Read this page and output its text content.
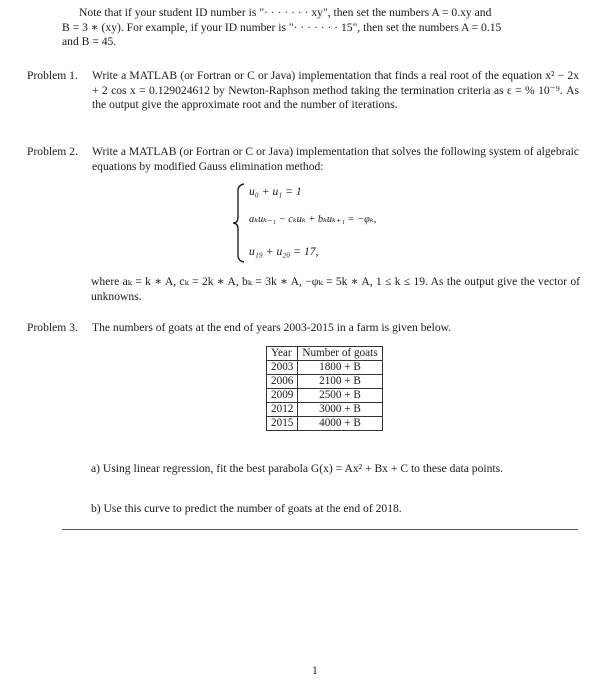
Note that if your student ID number is "· · · · · · · xy", then set the numbers A = 0.xy and
B = 3 ∗ (xy). For example, if your ID number is "· · · · · · · 15", then set the numbers A = 0.15
and B = 45.
Problem 1.	Write a MATLAB (or Fortran or C or Java) implementation that finds a real root of the equation x² − 2x + 2 cos x = 0.129024612 by Newton-Raphson method taking the termination criteria as ε = % 10⁻⁹. As the output give the approximate root and the number of iterations.
Problem 2.	Write a MATLAB (or Fortran or C or Java) implementation that solves the following system of algebraic equations by modified Gauss elimination method:
u₀ + u₁ = 1
aₖuₖ₋₁ − cₖuₖ + bₖuₖ₊₁ = −φₖ,
u₁₉ + u₂₀ = 17,
where aₖ = k ∗ A, cₖ = 2k ∗ A, bₖ = 3k ∗ A, −φₖ = 5k ∗ A, 1 ≤ k ≤ 19. As the output give the vector of unknowns.
Problem 3.	The numbers of goats at the end of years 2003-2015 in a farm is given below.
Year	Number of goats
2003	1800 + B
2006	2100 + B
2009	2500 + B
2012	3000 + B
2015	4000 + B
a) Using linear regression, fit the best parabola G(x) = Ax² + Bx + C to these data points.
b) Use this curve to predict the number of goats at the end of 2018.
1
